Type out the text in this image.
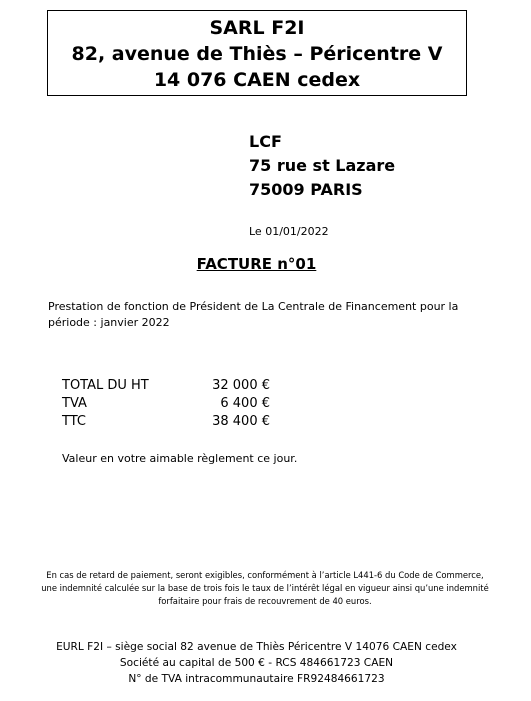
SARL F2I
82, avenue de Thiès – Péricentre V
14 076 CAEN cedex
LCF
75 rue st Lazare
75009 PARIS
Le 01/01/2022
FACTURE n°01
Prestation de fonction de Président de La Centrale de Financement pour la période : janvier 2022
TOTAL DU HT	32 000 €
TVA	6 400 €
TTC	38 400 €
Valeur en votre aimable règlement ce jour.
En cas de retard de paiement, seront exigibles, conformément à l’article L441-6 du Code de Commerce, une indemnité calculée sur la base de trois fois le taux de l’intérêt légal en vigueur ainsi qu’une indemnité forfaitaire pour frais de recouvrement de 40 euros.
EURL F2I – siège social 82 avenue de Thiès Péricentre V 14076 CAEN cedex
Société au capital de 500 € - RCS 484661723 CAEN
N° de TVA intracommunautaire FR92484661723
